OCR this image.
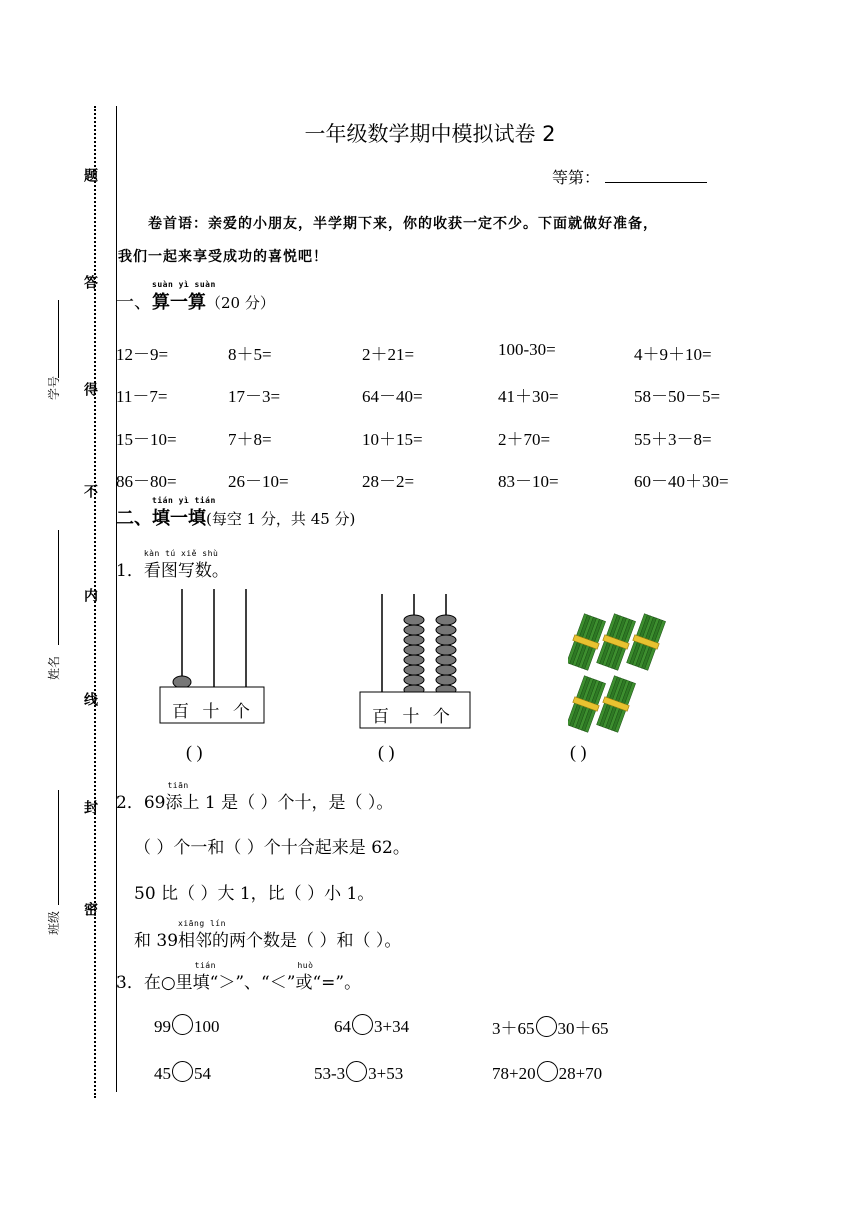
题
答
得
不
内
线
封
密
学号
姓名
班级
一年级数学期中模拟试卷 2
等第：
卷首语：亲爱的小朋友，半学期下来，你的收获一定不少。下面就做好准备，
我们一起来享受成功的喜悦吧！
一、算一算
suàn yì suàn
（20 分）
12－9=	8＋5=	2＋21=	100-30=	4＋9＋10=
11－7=	17－3=	64－40=	41＋30=	58－50－5=
15－10=	7＋8=	10＋15=	2＋70=	55＋3－8=
86－80=	26－10=	28－2=	83－10=	60－40＋30=
二、填一填
tián yì tián
(每空 1 分，共 45 分)
1．看图写数。
kàn tú xiě shù
百 十 个	百 十 个
( )	( )	( )
2．69添
tiān
上 1 是（ ）个十，是（ ）。
（ ）个一和（ ）个十合起来是 62。
50 比（ ）大 1，比（ ）小 1。
和 39相邻
xiāng lín
的两个数是（ ）和（ ）。
3．在○里填
tián
“＞”、“＜”或
huò
“=”。
99 100	64 3+34	3＋65 30＋65
45 54	53-3 3+53	78+20 28+70
